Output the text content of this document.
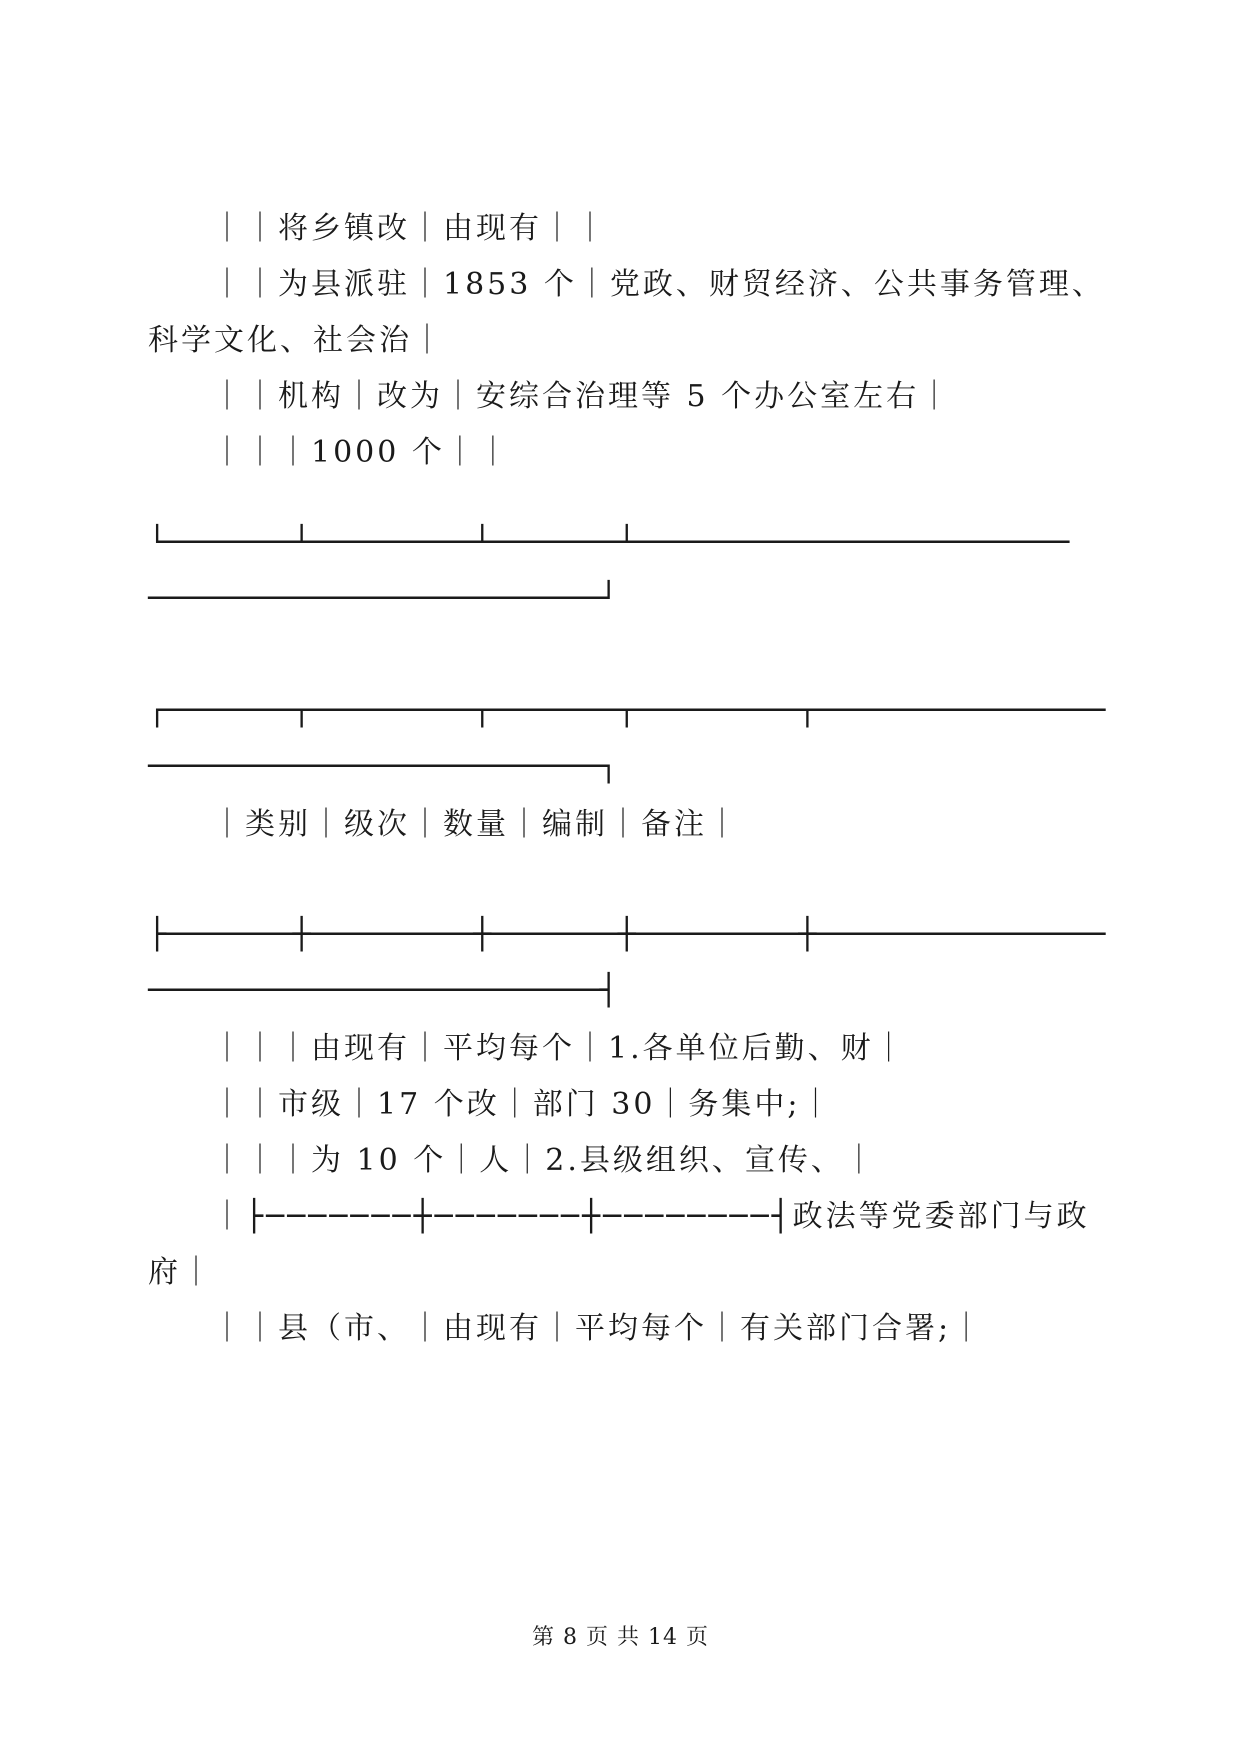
｜｜将乡镇改｜由现有｜｜

｜｜为县派驻｜1853 个｜党政、财贸经济、公共事务管理、

科学文化、社会治｜

｜｜机构｜改为｜安综合治理等 5 个办公室左右｜

｜｜｜1000 个｜｜

└───────┴─────────┴───────┴────────────────────────

─────────────────────────┘

┌───────┬─────────┬───────┬─────────┬────────────────

─────────────────────────┐

｜类别｜级次｜数量｜编制｜备注｜

├───────┼─────────┼───────┼─────────┼────────────────

─────────────────────────┤

｜｜｜由现有｜平均每个｜1.各单位后勤、财｜

｜｜市级｜17 个改｜部门 30｜务集中;｜

｜｜｜为 10 个｜人｜2.县级组织、宣传、｜

｜├───────┼───────┼────────┤政法等党委部门与政

府｜

｜｜县（市、｜由现有｜平均每个｜有关部门合署;｜

第 8 页 共 14 页
